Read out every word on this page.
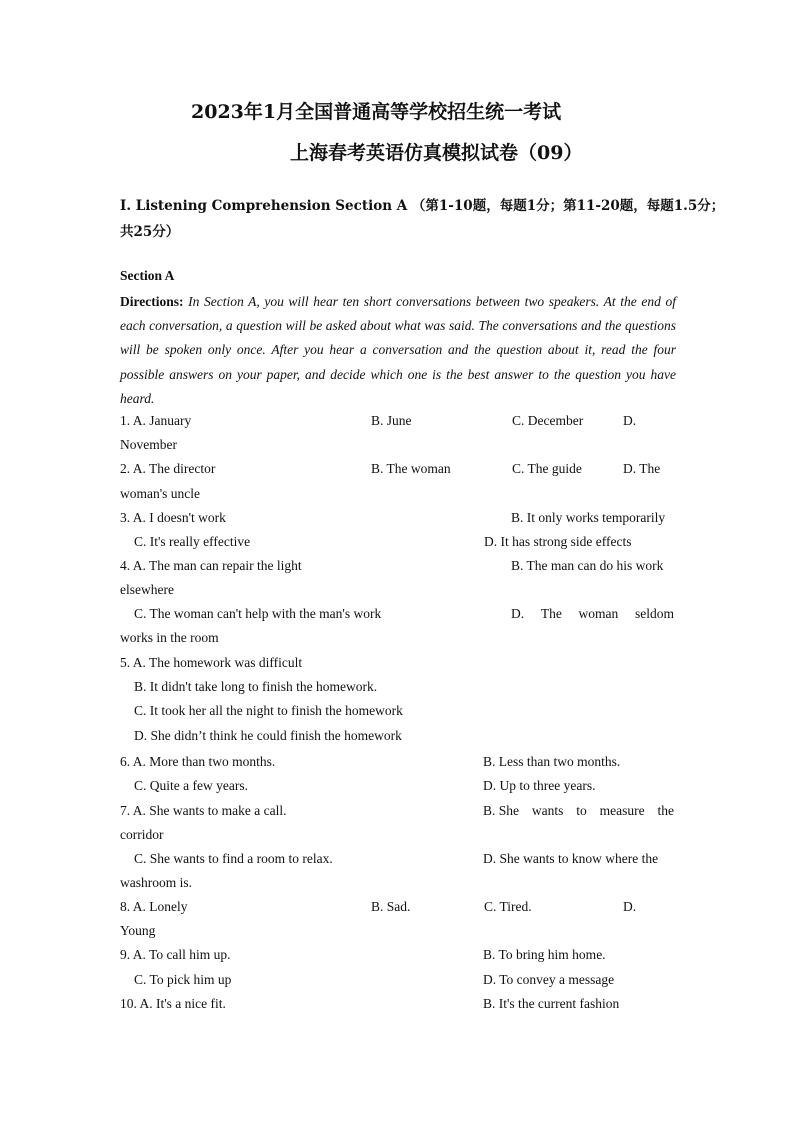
2023年1月全国普通高等学校招生统一考试
上海春考英语仿真模拟试卷（09）
I. Listening Comprehension Section A （第1-10题，每题1分；第11-20题，每题1.5分；
共25分）
Section A
Directions: In Section A, you will hear ten short conversations between two speakers. At the end of each conversation, a question will be asked about what was said. The conversations and the questions will be spoken only once. After you hear a conversation and the question about it, read the four possible answers on your paper, and decide which one is the best answer to the question you have heard.
1. A. January	B. June	C. December	D.
November
2. A. The director	B. The woman	C. The guide	D. The
woman's uncle
3. A. I doesn't work	B. It only works temporarily
C. It's really effective	D. It has strong side effects
4. A. The man can repair the light	B. The man can do his work
elsewhere
C. The woman can't help with the man's work	D. The woman seldom
works in the room
5. A. The homework was difficult
B. It didn't take long to finish the homework.
C. It took her all the night to finish the homework
D. She didn’t think he could finish the homework
6. A. More than two months.	B. Less than two months.
C. Quite a few years.	D. Up to three years.
7. A. She wants to make a call.	B. She wants to measure the
corridor
C. She wants to find a room to relax.	D. She wants to know where the
washroom is.
8. A. Lonely	B. Sad.	C. Tired.	D.
Young
9. A. To call him up.	B. To bring him home.
C. To pick him up	D. To convey a message
10. A. It's a nice fit.	B. It's the current fashion
